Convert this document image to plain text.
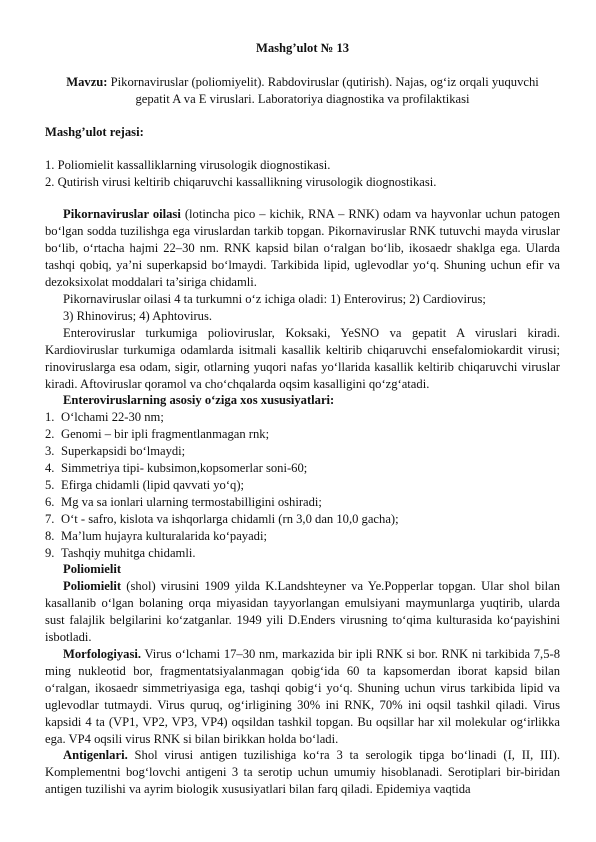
Mashg’ulot № 13
Mavzu: Pikornaviruslar (poliomiyelit). Rabdoviruslar (qutirish). Najas, og‘iz orqali yuquvchi gepatit A va E viruslari. Laboratoriya diagnostika va profilaktikasi
Mashg’ulot rejasi:
1. Poliomielit kassalliklarning virusologik diognostikasi.
2. Qutirish virusi keltirib chiqaruvchi kassallikning virusologik diognostikasi.

Pikornaviruslar oilasi (lotincha pico – kichik, RNA – RNK) odam va hayvonlar uchun patogen bo‘lgan sodda tuzilishga ega viruslardan tarkib topgan. Pikornaviruslar RNK tutuvchi mayda viruslar bo‘lib, o‘rtacha hajmi 22–30 nm. RNK kapsid bilan o‘ralgan bo‘lib, ikosaedr shaklga ega. Ularda tashqi qobiq, ya’ni superkapsid bo‘lmaydi. Tarkibida lipid, uglevodlar yo‘q. Shuning uchun efir va dezoksixolat moddalari ta’siriga chidamli.

Pikornaviruslar oilasi 4 ta turkumni o‘z ichiga oladi: 1) Enterovirus; 2) Cardiovirus;

3) Rhinovirus; 4) Aphtovirus.

Enteroviruslar turkumiga polioviruslar, Koksaki, YeSNO va gepatit A viruslari kiradi. Kardioviruslar turkumiga odamlarda isitmali kasallik keltirib chiqaruvchi ensefalomiokardit virusi; rinoviruslarga esa odam, sigir, otlarning yuqori nafas yo‘llarida kasallik keltirib chiqaruvchi viruslar kiradi. Aftoviruslar qoramol va cho‘chqalarda oqsim kasalligini qo‘zg‘atadi.

Enteroviruslarning asosiy o‘ziga xos xususiyatlari:
1. O‘lchami 22-30 nm;
2. Genomi – bir ipli fragmentlanmagan rnk;
3. Superkapsidi bo‘lmaydi;
4. Simmetriya tipi- kubsimon,kopsomerlar soni-60;
5. Efirga chidamli (lipid qavvati yo‘q);
6. Mg va sa ionlari ularning termostabilligini oshiradi;
7. O‘t - safro, kislota va ishqorlarga chidamli (rn 3,0 dan 10,0 gacha);
8. Ma’lum hujayra kulturalarida ko‘payadi;
9. Tashqiy muhitga chidamli.
Poliomielit

Poliomielit (shol) virusini 1909 yilda K.Landshteyner va Ye.Popperlar topgan. Ular shol bilan kasallanib o‘lgan bolaning orqa miyasidan tayyorlangan emulsiyani maymunlarga yuqtirib, ularda sust falajlik belgilarini ko‘zatganlar. 1949 yili D.Enders virusning to‘qima kulturasida ko‘payishini isbotladi.

Morfologiyasi. Virus o‘lchami 17–30 nm, markazida bir ipli RNK si bor. RNK ni tarkibida 7,5-8 ming nukleotid bor, fragmentatsiyalanmagan qobig‘ida 60 ta kapsomerdan iborat kapsid bilan o‘ralgan, ikosaedr simmetriyasiga ega, tashqi qobig‘i yo‘q. Shuning uchun virus tarkibida lipid va uglevodlar tutmaydi. Virus quruq, og‘irligining 30% ini RNK, 70% ini oqsil tashkil qiladi. Virus kapsidi 4 ta (VP1, VP2, VP3, VP4) oqsildan tashkil topgan. Bu oqsillar har xil molekular og‘irlikka ega. VP4 oqsili virus RNK si bilan birikkan holda bo‘ladi.

Antigenlari. Shol virusi antigen tuzilishiga ko‘ra 3 ta serologik tipga bo‘linadi (I, II, III). Komplementni bog‘lovchi antigeni 3 ta serotip uchun umumiy hisoblanadi. Serotiplari bir-biridan antigen tuzilishi va ayrim biologik xususiyatlari bilan farq qiladi. Epidemiya vaqtida
